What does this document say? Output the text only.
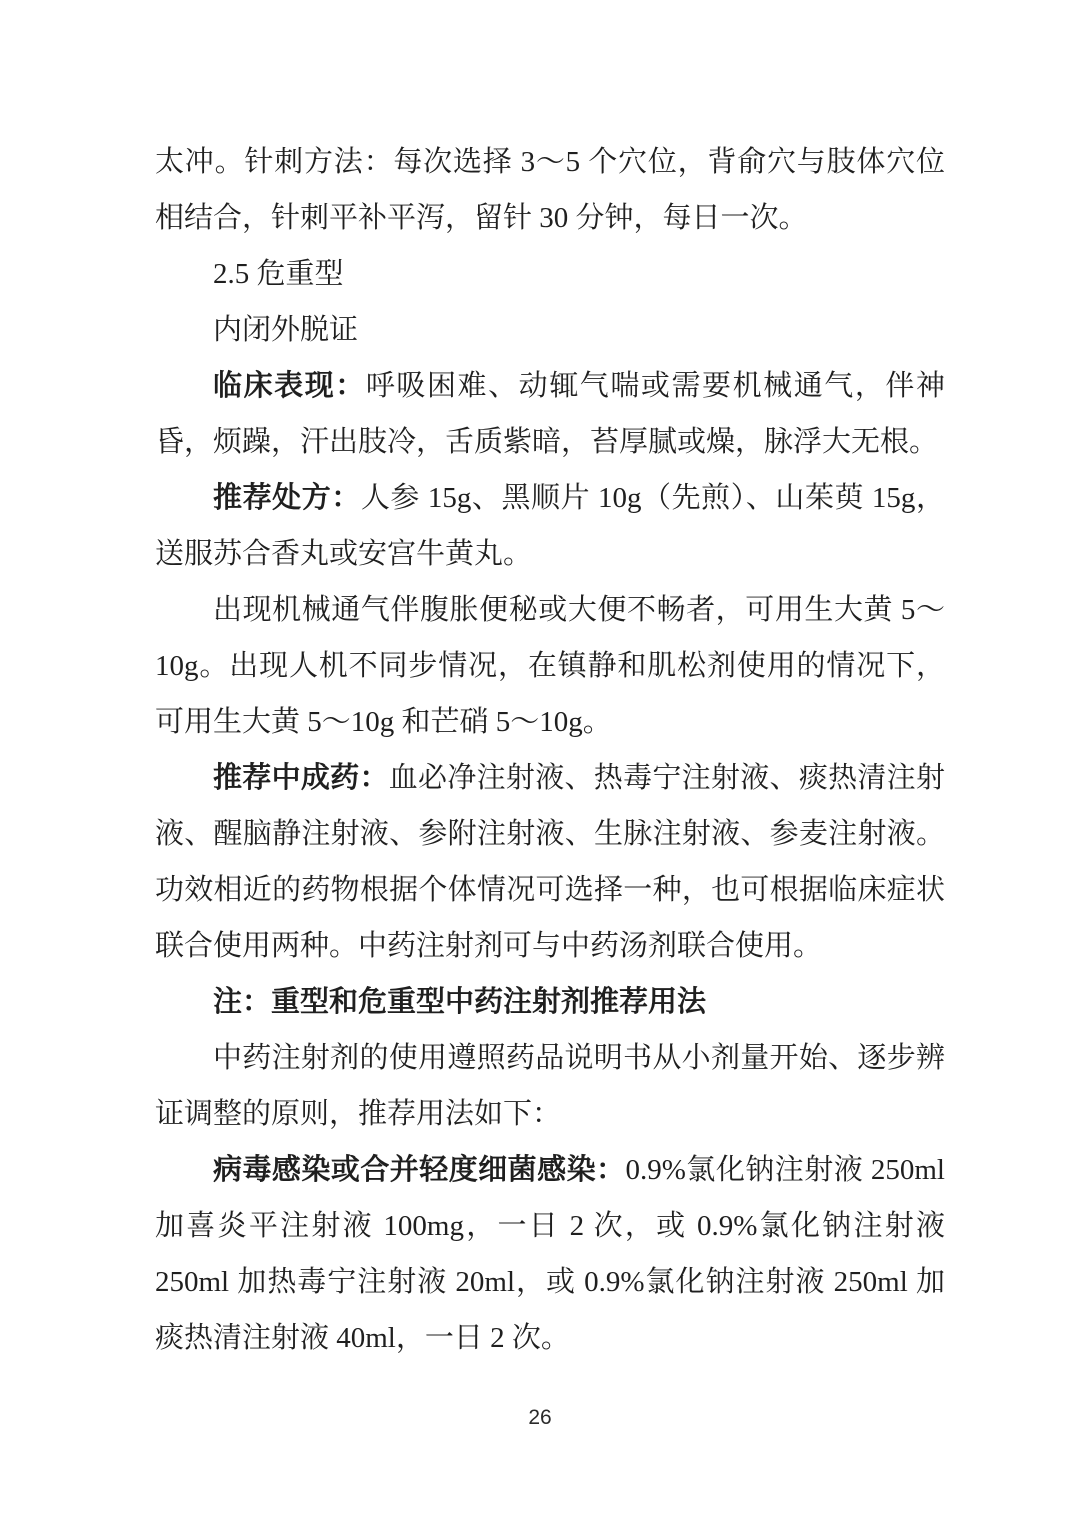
太冲。针刺方法：每次选择 3～5 个穴位，背俞穴与肢体穴位相结合，针刺平补平泻，留针 30 分钟，每日一次。

2.5 危重型

内闭外脱证

临床表现：呼吸困难、动辄气喘或需要机械通气，伴神昏，烦躁，汗出肢冷，舌质紫暗，苔厚腻或燥，脉浮大无根。

推荐处方：人参 15g、黑顺片 10g（先煎）、山茱萸 15g，送服苏合香丸或安宫牛黄丸。

出现机械通气伴腹胀便秘或大便不畅者，可用生大黄 5～10g。出现人机不同步情况，在镇静和肌松剂使用的情况下，可用生大黄 5～10g 和芒硝 5～10g。

推荐中成药：血必净注射液、热毒宁注射液、痰热清注射液、醒脑静注射液、参附注射液、生脉注射液、参麦注射液。功效相近的药物根据个体情况可选择一种，也可根据临床症状联合使用两种。中药注射剂可与中药汤剂联合使用。

注：重型和危重型中药注射剂推荐用法

中药注射剂的使用遵照药品说明书从小剂量开始、逐步辨证调整的原则，推荐用法如下：

病毒感染或合并轻度细菌感染：0.9%氯化钠注射液 250ml 加喜炎平注射液 100mg，一日 2 次，或 0.9%氯化钠注射液 250ml 加热毒宁注射液 20ml，或 0.9%氯化钠注射液 250ml 加痰热清注射液 40ml，一日 2 次。

26
